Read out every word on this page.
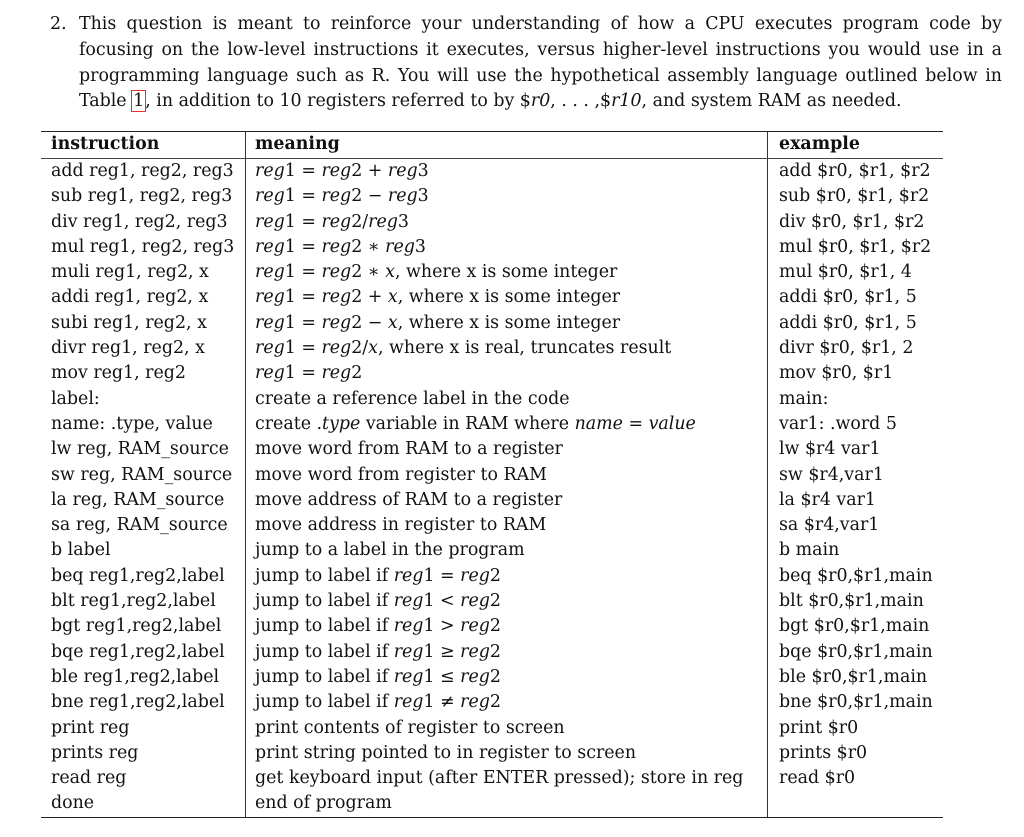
2. This question is meant to reinforce your understanding of how a CPU executes program code by focusing on the low-level instructions it executes, versus higher-level instructions you would use in a programming language such as R. You will use the hypothetical assembly language outlined below in Table 1, in addition to 10 registers referred to by $r0, . . . ,$r10, and system RAM as needed.
instruction	meaning	example
add reg1, reg2, reg3	reg1 = reg2 + reg3	add $r0, $r1, $r2
sub reg1, reg2, reg3	reg1 = reg2 − reg3	sub $r0, $r1, $r2
div reg1, reg2, reg3	reg1 = reg2/reg3	div $r0, $r1, $r2
mul reg1, reg2, reg3	reg1 = reg2 ∗ reg3	mul $r0, $r1, $r2
muli reg1, reg2, x	reg1 = reg2 ∗ x, where x is some integer	mul $r0, $r1, 4
addi reg1, reg2, x	reg1 = reg2 + x, where x is some integer	addi $r0, $r1, 5
subi reg1, reg2, x	reg1 = reg2 − x, where x is some integer	addi $r0, $r1, 5
divr reg1, reg2, x	reg1 = reg2/x, where x is real, truncates result	divr $r0, $r1, 2
mov reg1, reg2	reg1 = reg2	mov $r0, $r1
label:	create a reference label in the code	main:
name: .type, value	create .type variable in RAM where name = value	var1: .word 5
lw reg, RAM_source	move word from RAM to a register	lw $r4 var1
sw reg, RAM_source	move word from register to RAM	sw $r4,var1
la reg, RAM_source	move address of RAM to a register	la $r4 var1
sa reg, RAM_source	move address in register to RAM	sa $r4,var1
b label	jump to a label in the program	b main
beq reg1,reg2,label	jump to label if reg1 = reg2	beq $r0,$r1,main
blt reg1,reg2,label	jump to label if reg1 < reg2	blt $r0,$r1,main
bgt reg1,reg2,label	jump to label if reg1 > reg2	bgt $r0,$r1,main
bqe reg1,reg2,label	jump to label if reg1 ≥ reg2	bqe $r0,$r1,main
ble reg1,reg2,label	jump to label if reg1 ≤ reg2	ble $r0,$r1,main
bne reg1,reg2,label	jump to label if reg1 ≠ reg2	bne $r0,$r1,main
print reg	print contents of register to screen	print $r0
prints reg	print string pointed to in register to screen	prints $r0
read reg	get keyboard input (after ENTER pressed); store in reg	read $r0
done	end of program	
